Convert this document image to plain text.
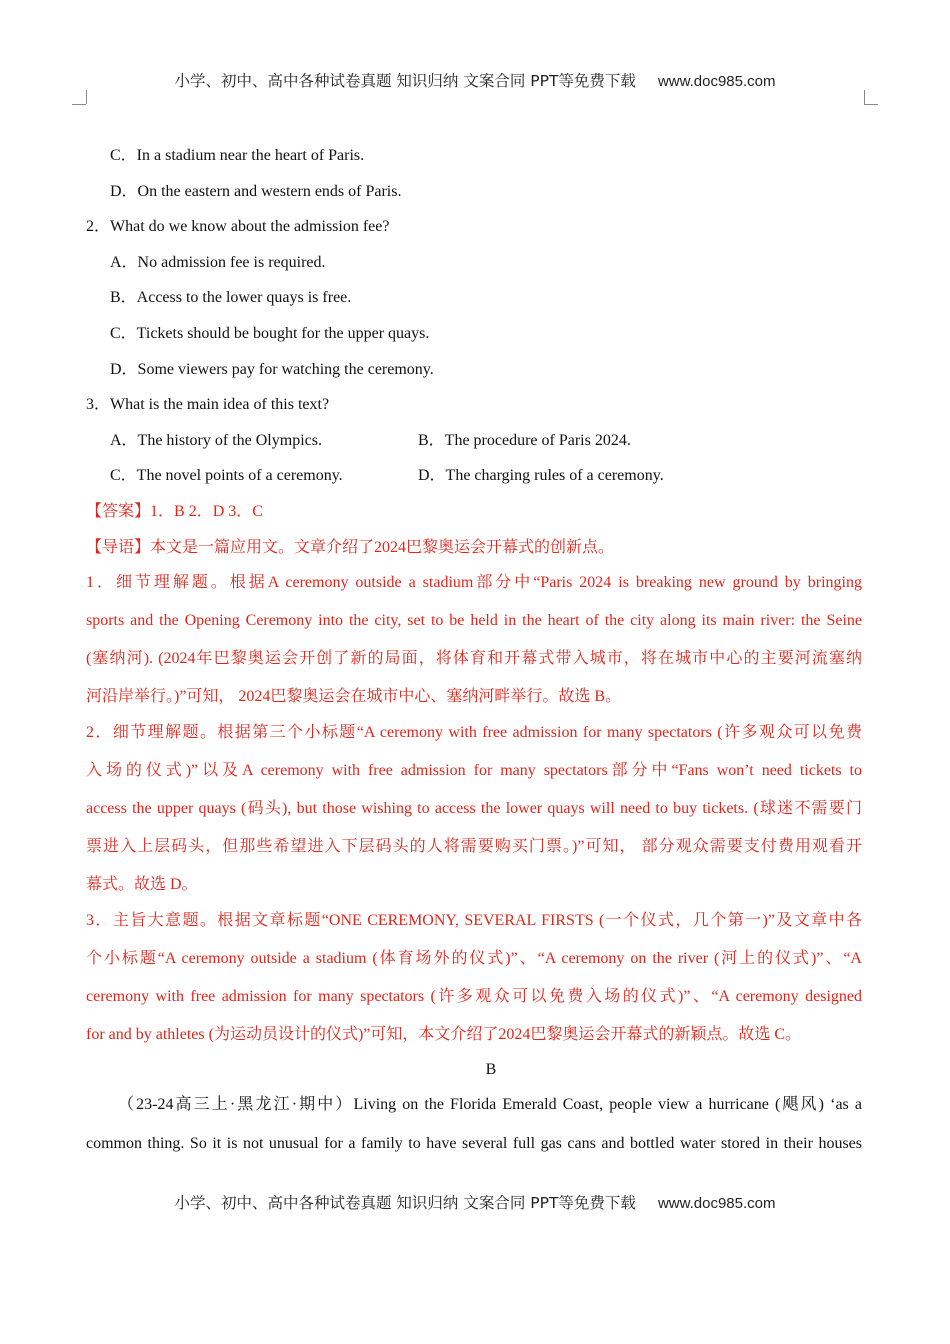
小学、初中、高中各种试卷真题 知识归纳 文案合同 PPT等免费下载 www.doc985.com
C．In a stadium near the heart of Paris.
D．On the eastern and western ends of Paris.
2．What do we know about the admission fee?
A．No admission fee is required.
B．Access to the lower quays is free.
C．Tickets should be bought for the upper quays.
D．Some viewers pay for watching the ceremony.
3．What is the main idea of this text?
A．The history of the Olympics.	B．The procedure of Paris 2024.
C．The novel points of a ceremony.	D．The charging rules of a ceremony.
【答案】1．B 2．D 3．C
【导语】本文是一篇应用文。文章介绍了2024巴黎奥运会开幕式的创新点。
1．细节理解题。根据A ceremony outside a stadium部分中“Paris 2024 is breaking new ground by bringing
sports and the Opening Ceremony into the city, set to be held in the heart of the city along its main river: the Seine
(塞纳河). (2024年巴黎奥运会开创了新的局面，将体育和开幕式带入城市，将在城市中心的主要河流塞纳
河沿岸举行。)”可知， 2024巴黎奥运会在城市中心、塞纳河畔举行。故选 B。
2．细节理解题。根据第三个小标题“A ceremony with free admission for many spectators (许多观众可以免费
入场的仪式)”以及A ceremony with free admission for many spectators部分中“Fans won’t need tickets to
access the upper quays (码头), but those wishing to access the lower quays will need to buy tickets. (球迷不需要门
票进入上层码头，但那些希望进入下层码头的人将需要购买门票。)”可知， 部分观众需要支付费用观看开
幕式。故选 D。
3．主旨大意题。根据文章标题“ONE CEREMONY, SEVERAL FIRSTS (一个仪式，几个第一)”及文章中各
个小标题“A ceremony outside a stadium (体育场外的仪式)”、“A ceremony on the river (河上的仪式)”、“A
ceremony with free admission for many spectators (许多观众可以免费入场的仪式)”、“A ceremony designed
for and by athletes (为运动员设计的仪式)”可知，本文介绍了2024巴黎奥运会开幕式的新颖点。故选 C。
B
（23-24高三上·黑龙江·期中）Living on the Florida Emerald Coast, people view a hurricane (飓风) ‘as a
common thing. So it is not unusual for a family to have several full gas cans and bottled water stored in their houses
小学、初中、高中各种试卷真题 知识归纳 文案合同 PPT等免费下载 www.doc985.com
